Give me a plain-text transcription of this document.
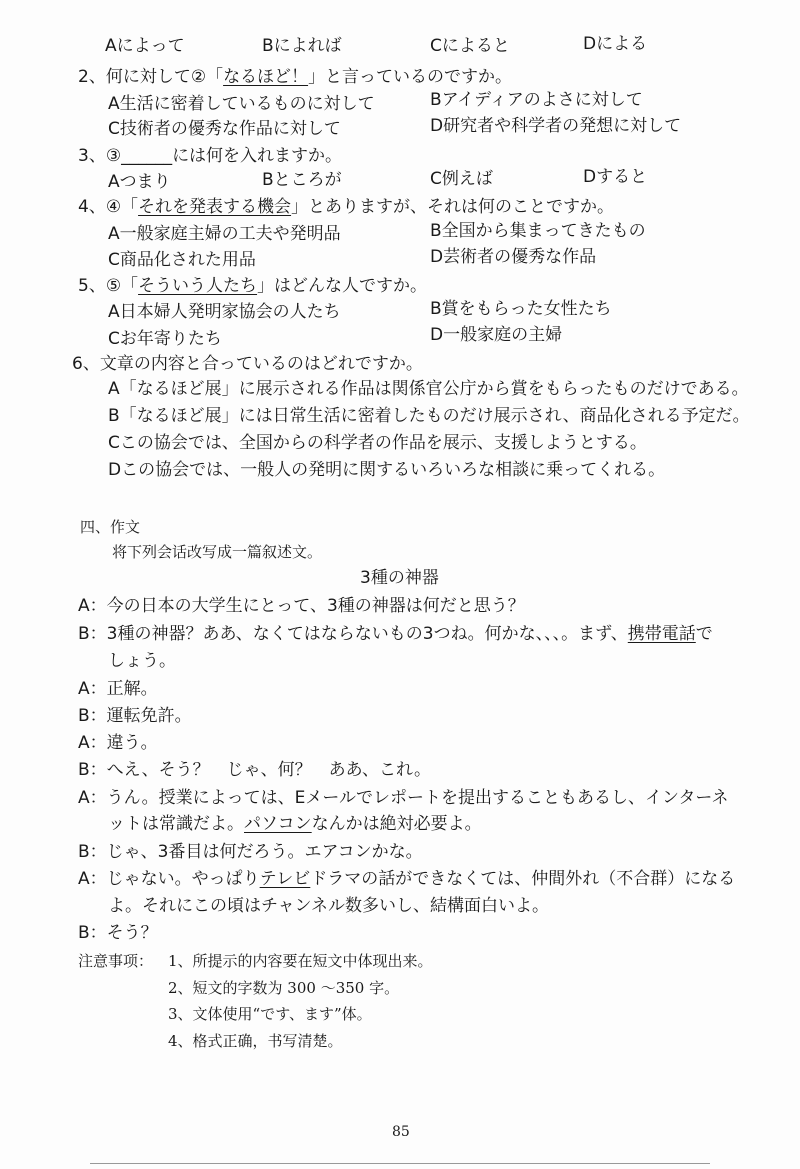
Aによって	Bによれば	Cによると	Dによる
2、何に対して②「なるほど！」と言っているのですか。
A生活に密着しているものに対して	Bアイディアのよさに対して
C技術者の優秀な作品に対して	D研究者や科学者の発想に対して
3、③______には何を入れますか。
Aつまり	Bところが	C例えば	Dすると
4、④「それを発表する機会」とありますが、それは何のことですか。
A一般家庭主婦の工夫や発明品	B全国から集まってきたもの
C商品化された用品	D芸術者の優秀な作品
5、⑤「そういう人たち」はどんな人ですか。
A日本婦人発明家協会の人たち	B賞をもらった女性たち
Cお年寄りたち	D一般家庭の主婦
6、文章の内容と合っているのはどれですか。
A「なるほど展」に展示される作品は関係官公庁から賞をもらったものだけである。
B「なるほど展」には日常生活に密着したものだけ展示され、商品化される予定だ。
Cこの協会では、全国からの科学者の作品を展示、支援しようとする。
Dこの協会では、一般人の発明に関するいろいろな相談に乗ってくれる。
四、作文
将下列会话改写成一篇叙述文。
3種の神器
A：今の日本の大学生にとって、3種の神器は何だと思う？
B：3種の神器？ああ、なくてはならないもの3つね。何かな、、、。まず、携帯電話で
しょう。
A：正解。
B：運転免許。
A：違う。
B：へえ、そう？　じゃ、何？　ああ、これ。
A：うん。授業によっては、Eメールでレポートを提出することもあるし、インターネ
ットは常識だよ。パソコンなんかは絶対必要よ。
B：じゃ、3番目は何だろう。エアコンかな。
A：じゃない。やっぱりテレビドラマの話ができなくては、仲間外れ（不合群）になる
よ。それにこの頃はチャンネル数多いし、結構面白いよ。
B：そう？
注意事项： 1、所提示的内容要在短文中体现出来。
2、短文的字数为 300 ～350 字。
3、文体使用“です、ます”体。
4、格式正确，书写清楚。
85
